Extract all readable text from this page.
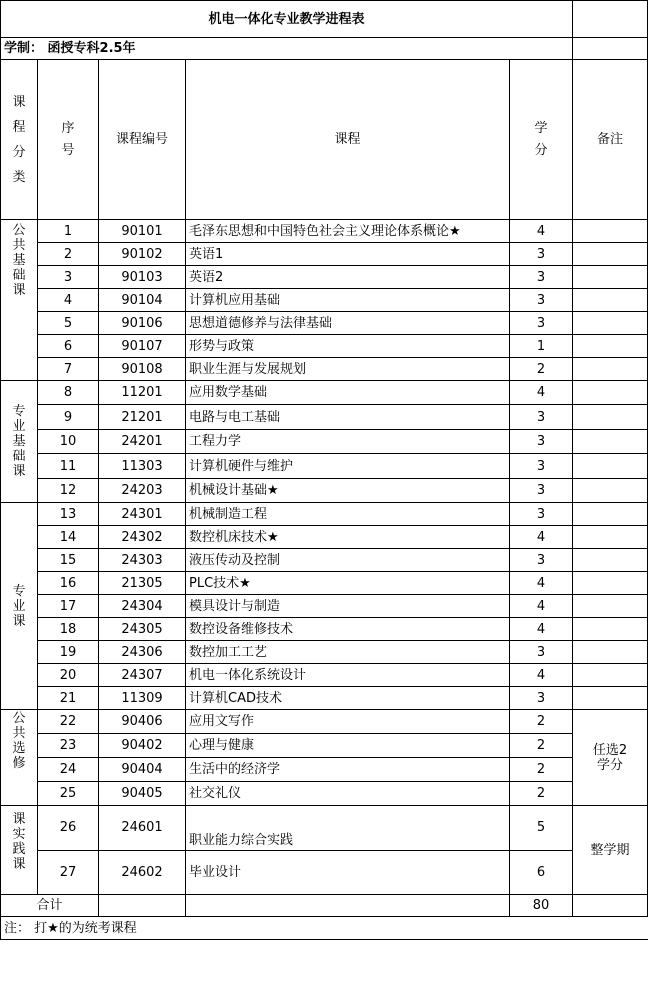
机电一体化专业教学进程表					
学制： 函授专科2.5年					

课
程
分
类	序
号	课程编号	课程	学
分	备注

公
共
基
础
课	1	90101	毛泽东思想和中国特色社会主义理论体系概论★	4	
	2	90102	英语1	3	
	3	90103	英语2	3	
	4	90104	计算机应用基础	3	
	5	90106	思想道德修养与法律基础	3	
	6	90107	形势与政策	1	
	7	90108	职业生涯与发展规划	2	

专
业
基
础
课	8	11201	应用数学基础	4	
	9	21201	电路与电工基础	3	
	10	24201	工程力学	3	
	11	11303	计算机硬件与维护	3	
	12	24203	机械设计基础★	3	

专
业
课	13	24301	机械制造工程	3	
	14	24302	数控机床技术★	4	
	15	24303	液压传动及控制	3	
	16	21305	PLC技术★	4	
	17	24304	模具设计与制造	4	
	18	24305	数控设备维修技术	4	
	19	24306	数控加工工艺	3	
	20	24307	机电一体化系统设计	4	
	21	11309	计算机CAD技术	3	

公
共
选
修	22	90406	应用文写作	2	任选2
学分

	23	90402	心理与健康	2	
	24	90404	生活中的经济学	2	
	25	90405	社交礼仪	2	

课
实
践
课	26	24601	职业能力综合实践	5	整学期
	27	24602	毕业设计	6	
合计				80	
注： 打★的为统考课程					
